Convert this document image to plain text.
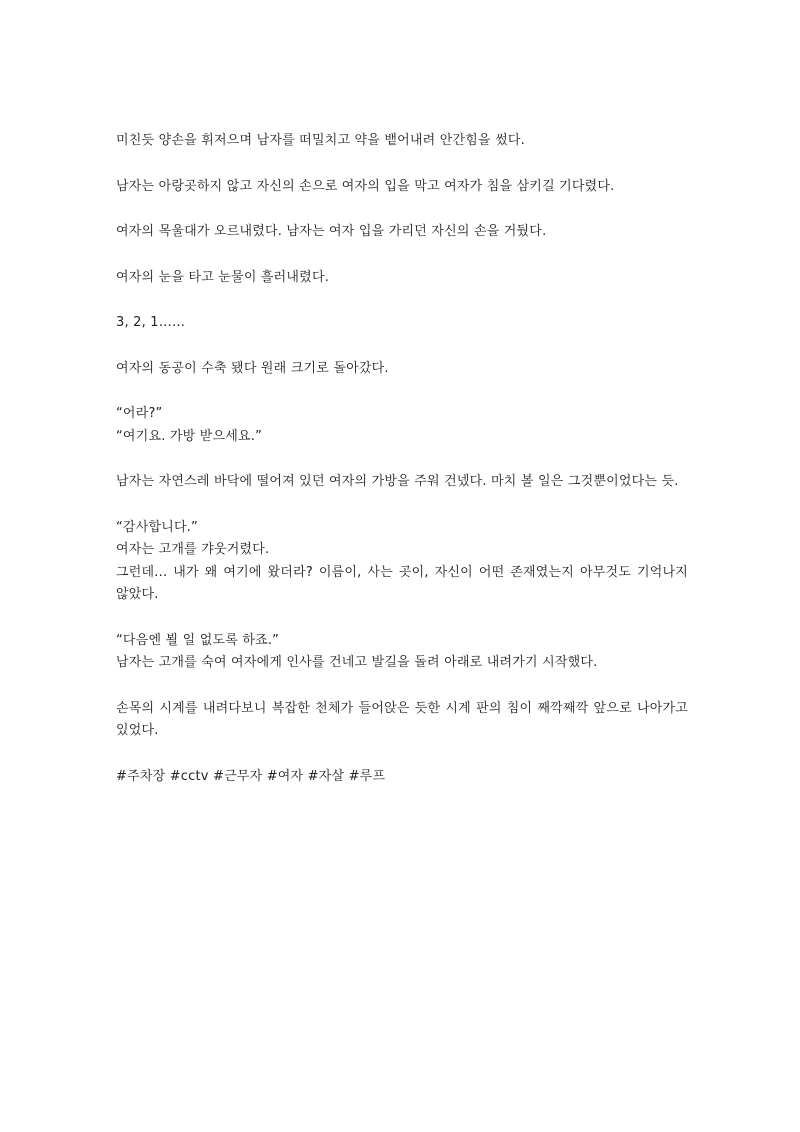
미친듯 양손을 휘저으며 남자를 떠밀치고 약을 뱉어내려 안간힘을 썼다.

남자는 아랑곳하지 않고 자신의 손으로 여자의 입을 막고 여자가 침을 삼키길 기다렸다.

여자의 목울대가 오르내렸다. 남자는 여자 입을 가리던 자신의 손을 거뒀다.

여자의 눈을 타고 눈물이 흘러내렸다.

3, 2, 1……

여자의 동공이 수축 됐다 원래 크기로 돌아갔다.

“어라?”
“여기요. 가방 받으세요.”

남자는 자연스레 바닥에 떨어져 있던 여자의 가방을 주워 건넸다. 마치 볼 일은 그것뿐이었다는 듯.

“감사합니다.”
여자는 고개를 갸웃거렸다.
그런데... 내가 왜 여기에 왔더라? 이름이, 사는 곳이, 자신이 어떤 존재였는지 아무것도 기억나지 않았다.
“다음엔 뵐 일 없도록 하죠.”
남자는 고개를 숙여 여자에게 인사를 건네고 발길을 돌려 아래로 내려가기 시작했다.

손목의 시계를 내려다보니 복잡한 천체가 들어앉은 듯한 시계 판의 침이 째깍째깍 앞으로 나아가고 있었다.

#주차장 #cctv #근무자 #여자 #자살 #루프
